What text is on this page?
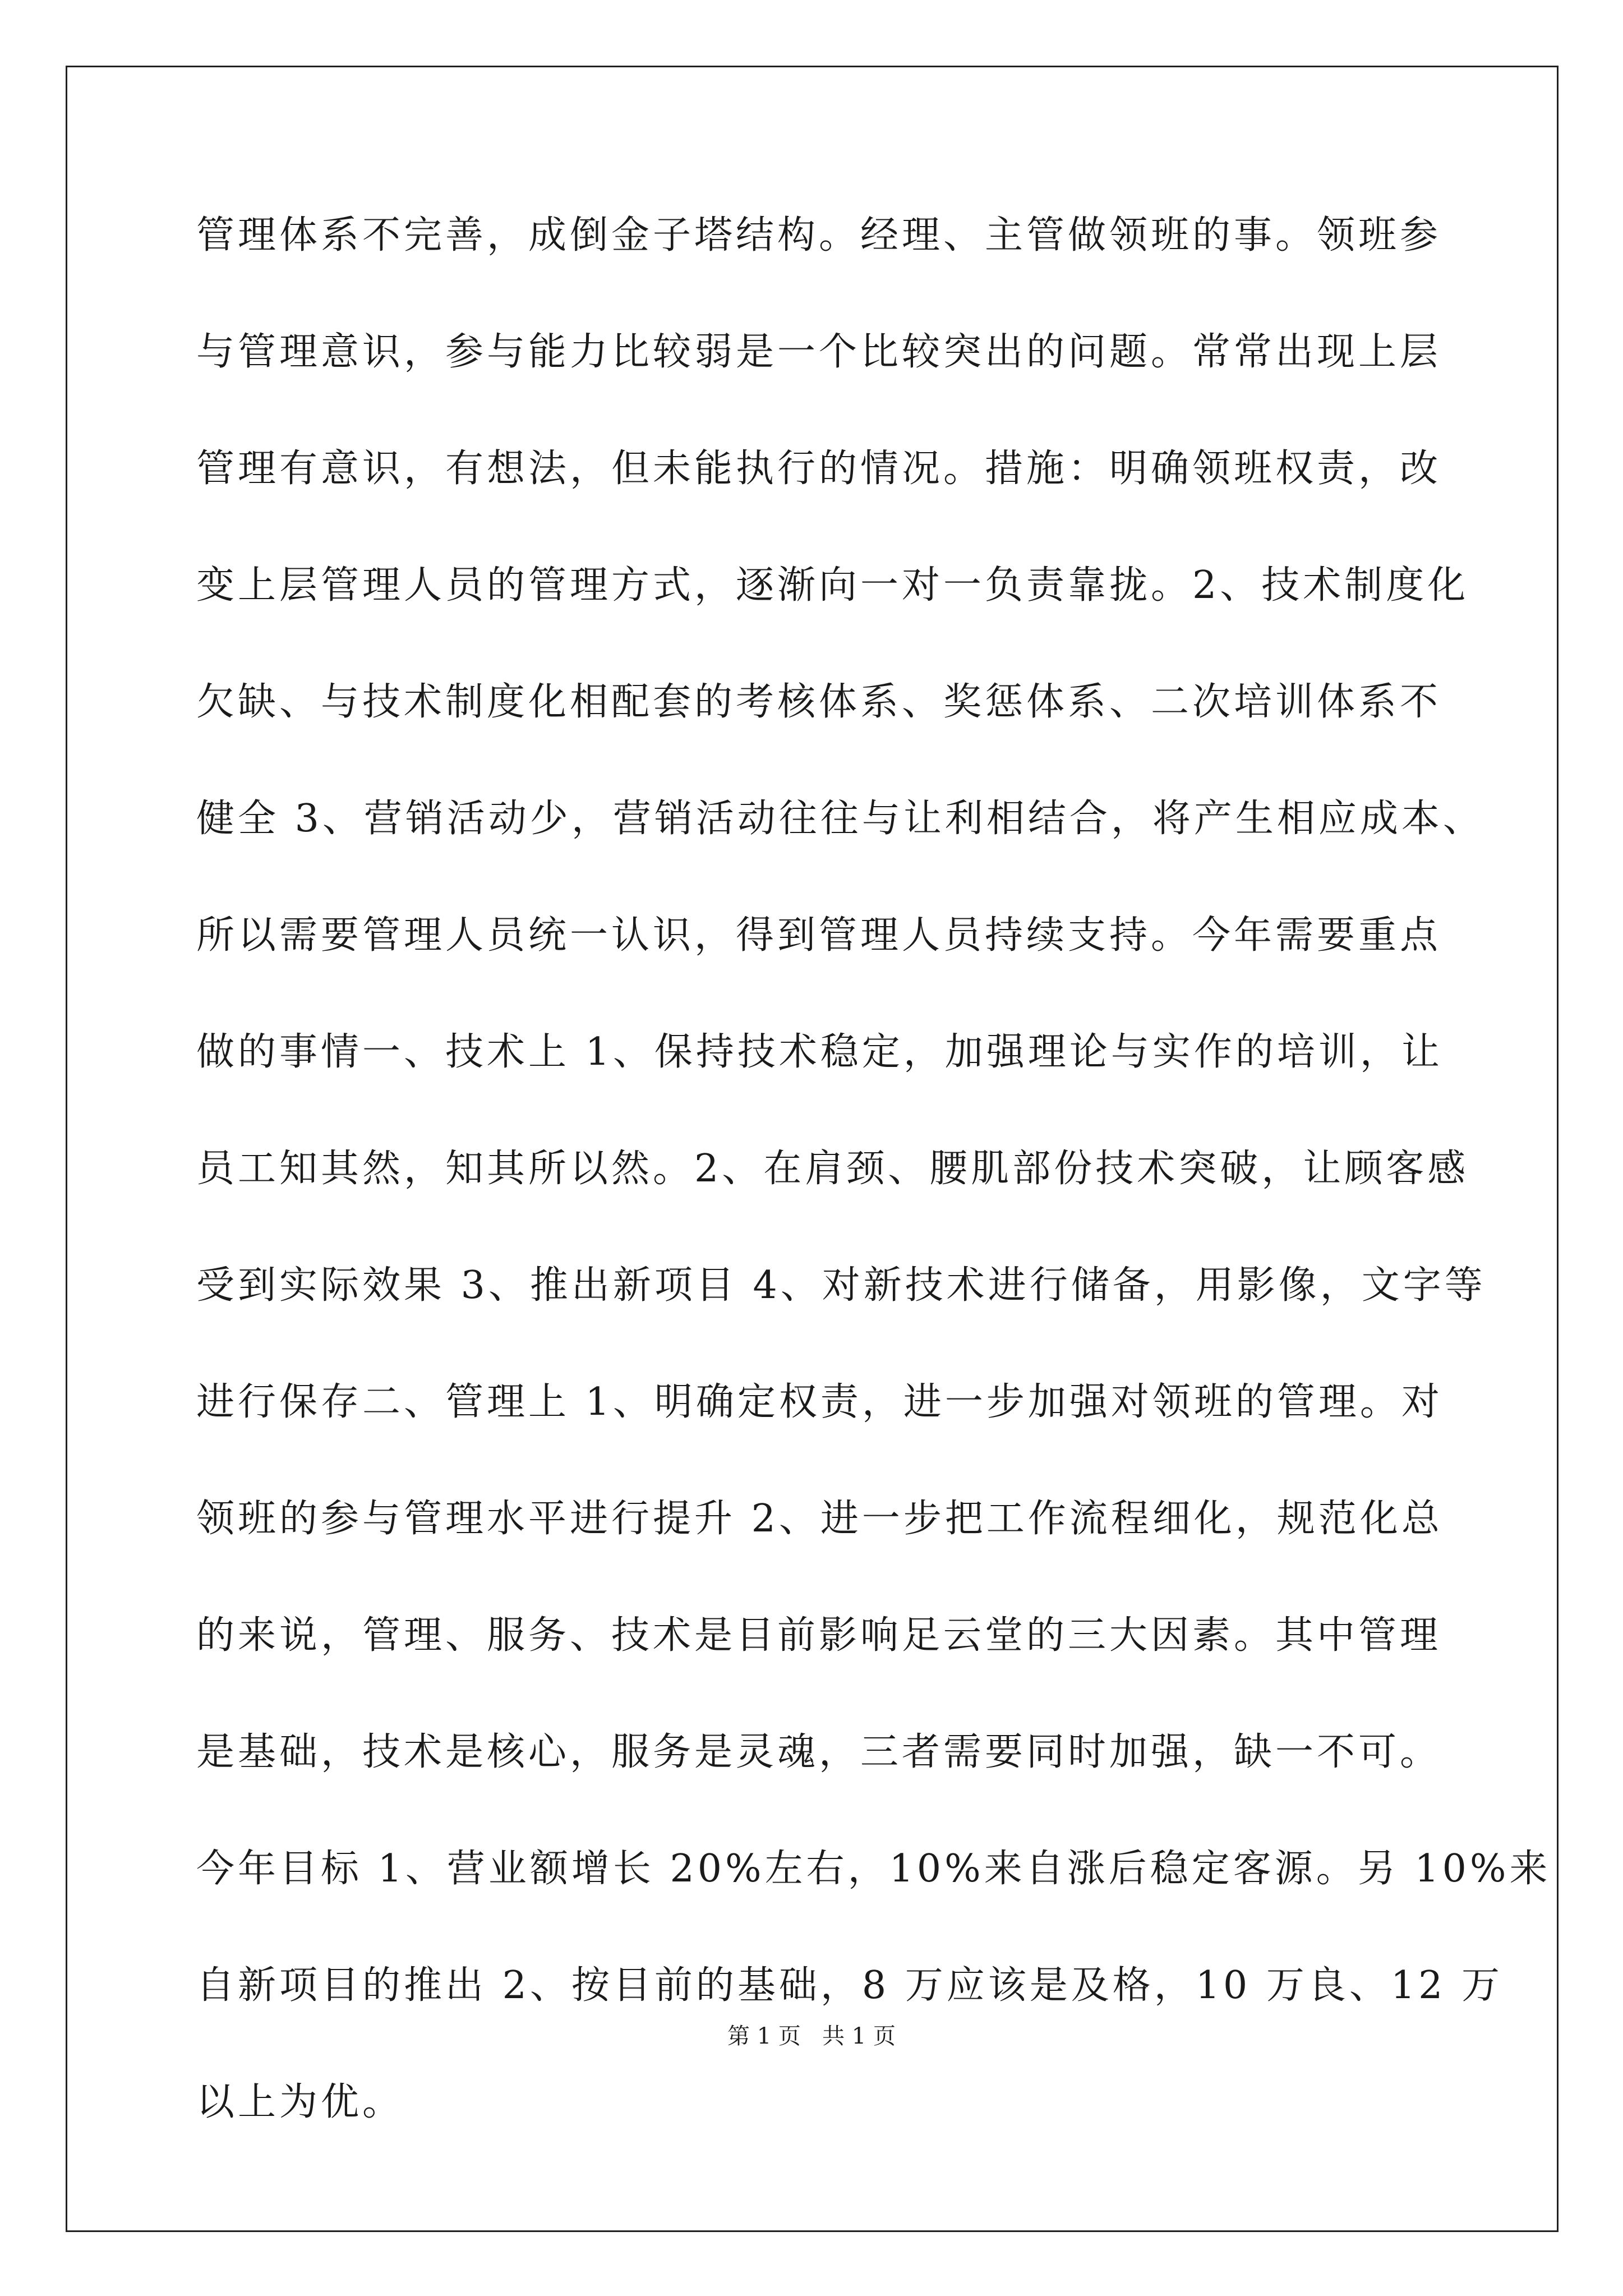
管理体系不完善，成倒金子塔结构。经理、主管做领班的事。领班参
与管理意识，参与能力比较弱是一个比较突出的问题。常常出现上层
管理有意识，有想法，但未能执行的情况。措施：明确领班权责，改
变上层管理人员的管理方式，逐渐向一对一负责靠拢。2、技术制度化
欠缺、与技术制度化相配套的考核体系、奖惩体系、二次培训体系不
健全 3、营销活动少，营销活动往往与让利相结合，将产生相应成本、
所以需要管理人员统一认识，得到管理人员持续支持。今年需要重点
做的事情一、技术上 1、保持技术稳定，加强理论与实作的培训，让
员工知其然，知其所以然。2、在肩颈、腰肌部份技术突破，让顾客感
受到实际效果 3、推出新项目 4、对新技术进行储备，用影像，文字等
进行保存二、管理上 1、明确定权责，进一步加强对领班的管理。对
领班的参与管理水平进行提升 2、进一步把工作流程细化，规范化总
的来说，管理、服务、技术是目前影响足云堂的三大因素。其中管理
是基础，技术是核心，服务是灵魂，三者需要同时加强，缺一不可。
今年目标 1、营业额增长 20%左右，10%来自涨后稳定客源。另 10%来
自新项目的推出 2、按目前的基础，8 万应该是及格，10 万良、12 万
以上为优。
第 1 页 共 1 页
